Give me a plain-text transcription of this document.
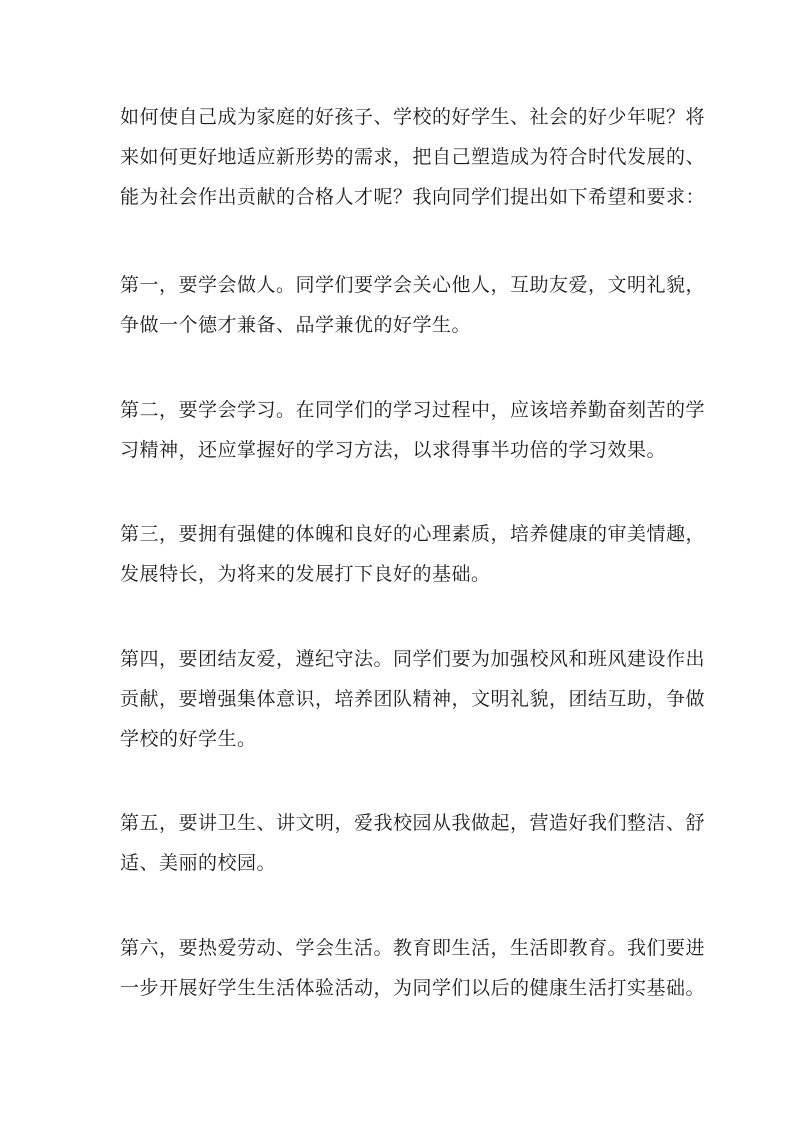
如何使自己成为家庭的好孩子、学校的好学生、社会的好少年呢？将
来如何更好地适应新形势的需求，把自己塑造成为符合时代发展的、
能为社会作出贡献的合格人才呢？我向同学们提出如下希望和要求：

第一，要学会做人。同学们要学会关心他人，互助友爱，文明礼貌，
争做一个德才兼备、品学兼优的好学生。

第二，要学会学习。在同学们的学习过程中，应该培养勤奋刻苦的学
习精神，还应掌握好的学习方法，以求得事半功倍的学习效果。

第三，要拥有强健的体魄和良好的心理素质，培养健康的审美情趣，
发展特长，为将来的发展打下良好的基础。

第四，要团结友爱，遵纪守法。同学们要为加强校风和班风建设作出
贡献，要增强集体意识，培养团队精神，文明礼貌，团结互助，争做
学校的好学生。

第五，要讲卫生、讲文明，爱我校园从我做起，营造好我们整洁、舒
适、美丽的校园。

第六，要热爱劳动、学会生活。教育即生活，生活即教育。我们要进
一步开展好学生生活体验活动，为同学们以后的健康生活打实基础。
